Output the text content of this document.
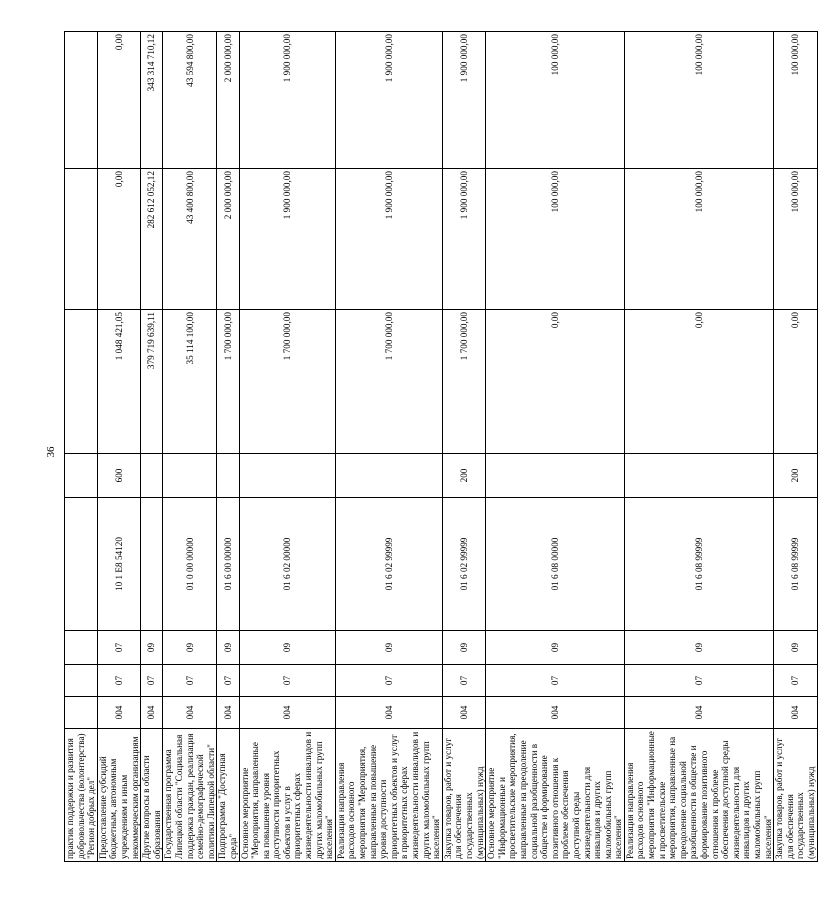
36
практик поддержки и развития добровольчества (волонтерства) "Регион добрых дел"								
Предоставление субсидий бюджетным, автономным учреждениям и иным некоммерческим организациям	004	07	07	10 1 E8 54120	600	1 048 421,05	0,00	0,00
Другие вопросы в области образования	004	07	09			379 719 639,11	282 612 052,12	343 314 710,12
Государственная программа Липецкой области "Социальная поддержка граждан, реализация семейно-демографической политики Липецкой области"	004	07	09	01 0 00 00000		35 114 100,00	43 400 800,00	43 594 800,00
Подпрограмма "Доступная среда"	004	07	09	01 6 00 00000		1 700 000,00	2 000 000,00	2 000 000,00
Основное мероприятие "Мероприятия, направленные на повышение уровня доступности приоритетных объектов и услуг в приоритетных сферах жизнедеятельности инвалидов и других маломобильных групп населения"	004	07	09	01 6 02 00000		1 700 000,00	1 900 000,00	1 900 000,00
Реализация направления расходов основного мероприятия "Мероприятия, направленные на повышение уровня доступности приоритетных объектов и услуг в приоритетных сферах жизнедеятельности инвалидов и других маломобильных групп населения"	004	07	09	01 6 02 99999		1 700 000,00	1 900 000,00	1 900 000,00
Закупка товаров, работ и услуг для обеспечения государственных (муниципальных) нужд	004	07	09	01 6 02 99999	200	1 700 000,00	1 900 000,00	1 900 000,00
Основное мероприятие "Информационные и просветительские мероприятия, направленные на преодоление социальной разобщенности в обществе и формирование позитивного отношения к проблеме обеспечения доступной среды жизнедеятельности для инвалидов и других маломобильных групп населения"	004	07	09	01 6 08 00000		0,00	100 000,00	100 000,00
Реализация направления расходов основного мероприятия "Информационные и просветительские мероприятия, направленные на преодоление социальной разобщенности в обществе и формирование позитивного отношения к проблеме обеспечения доступной среды жизнедеятельности для инвалидов и других маломобильных групп населения"	004	07	09	01 6 08 99999		0,00	100 000,00	100 000,00
Закупка товаров, работ и услуг для обеспечения государственных (муниципальных) нужд	004	07	09	01 6 08 99999	200	0,00	100 000,00	100 000,00
